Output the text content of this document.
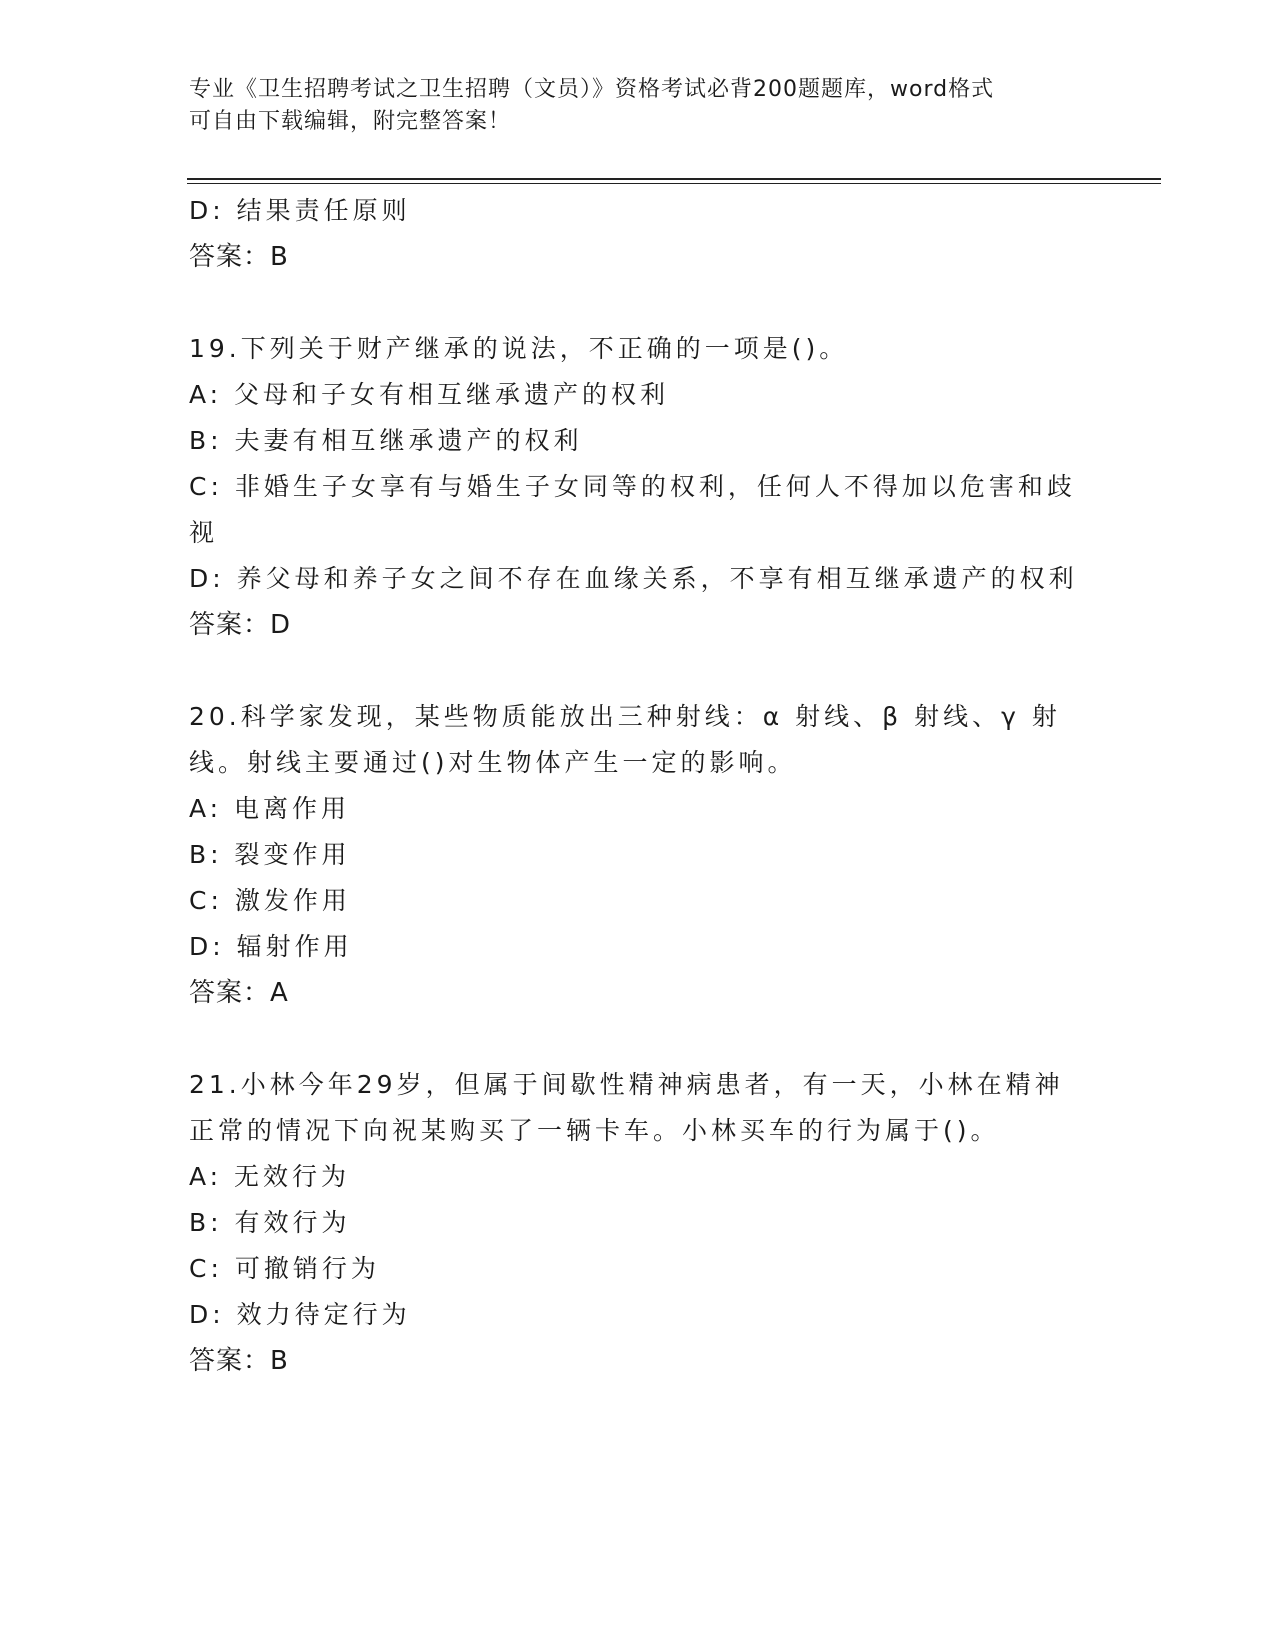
专业《卫生招聘考试之卫生招聘（文员）》资格考试必背200题题库，word格式
可自由下载编辑，附完整答案！
D: 结果责任原则
答案：B
19.下列关于财产继承的说法，不正确的一项是()。
A: 父母和子女有相互继承遗产的权利
B: 夫妻有相互继承遗产的权利
C: 非婚生子女享有与婚生子女同等的权利，任何人不得加以危害和歧视
D: 养父母和养子女之间不存在血缘关系，不享有相互继承遗产的权利
答案：D
20.科学家发现，某些物质能放出三种射线：α 射线、β 射线、γ 射线。射线主要通过()对生物体产生一定的影响。
A: 电离作用
B: 裂变作用
C: 激发作用
D: 辐射作用
答案：A
21.小林今年29岁，但属于间歇性精神病患者，有一天，小林在精神正常的情况下向祝某购买了一辆卡车。小林买车的行为属于()。
A: 无效行为
B: 有效行为
C: 可撤销行为
D: 效力待定行为
答案：B
